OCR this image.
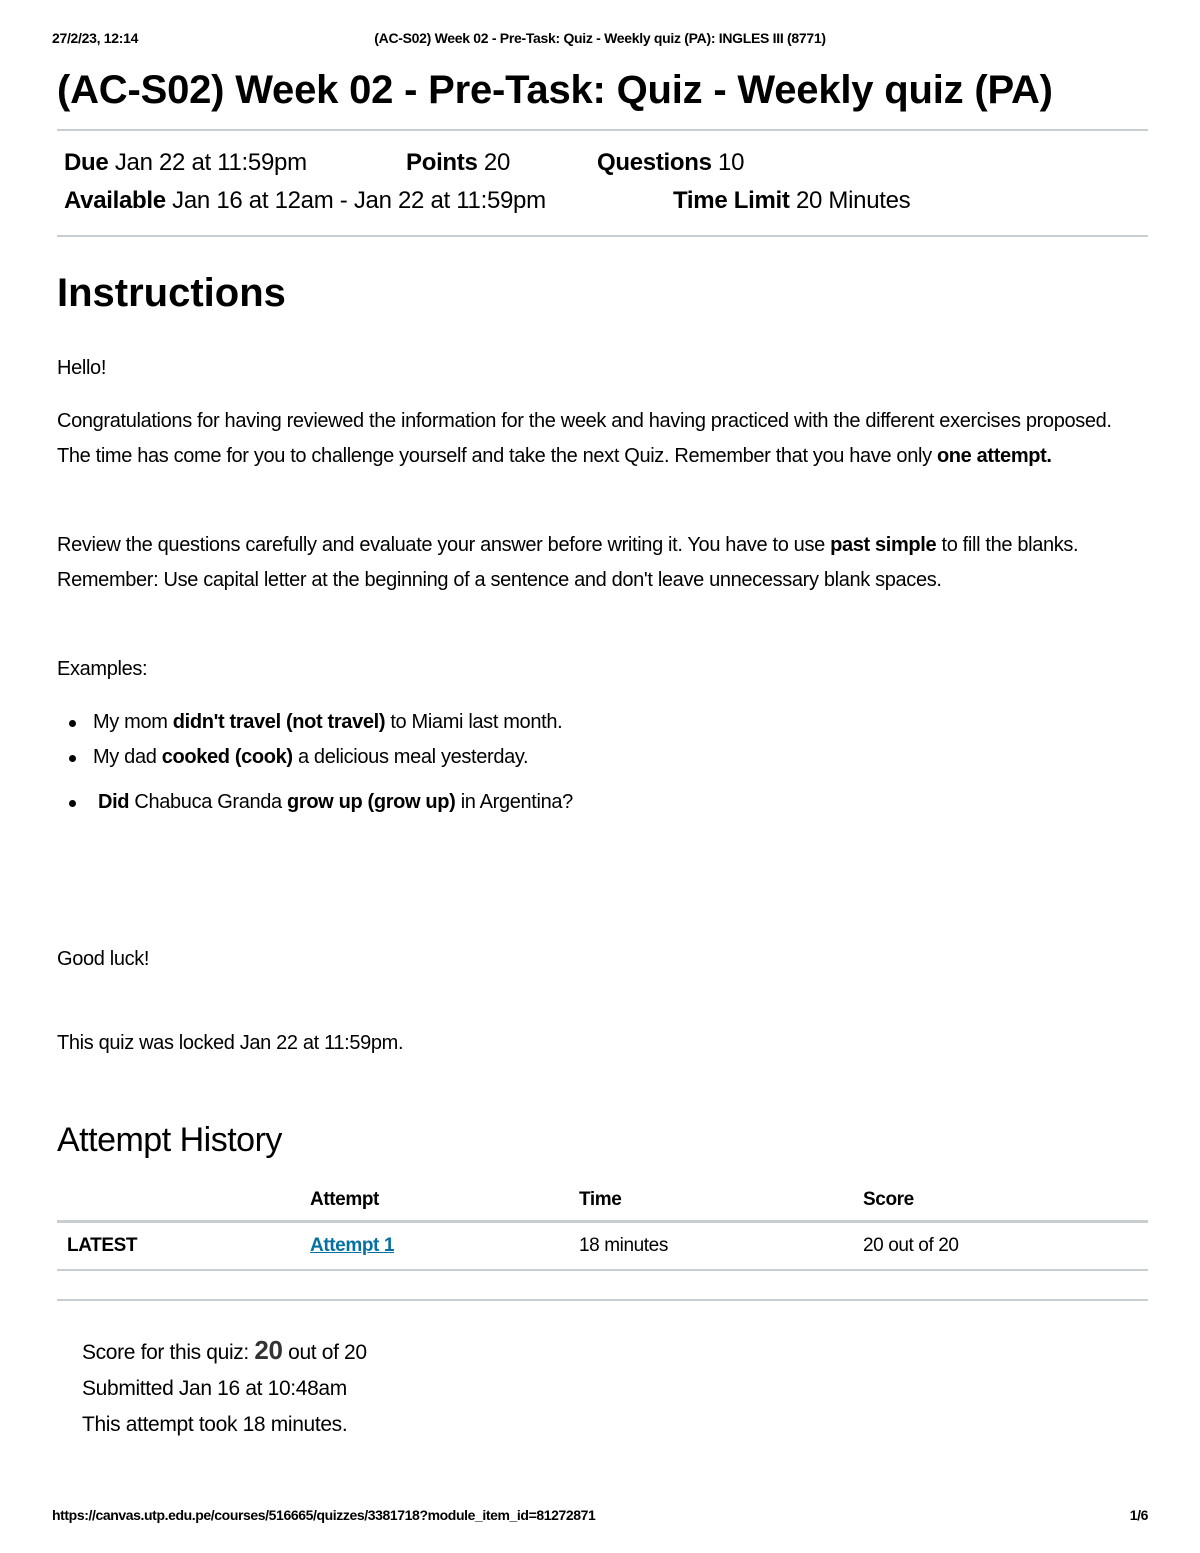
27/2/23, 12:14	(AC-S02) Week 02 - Pre-Task: Quiz - Weekly quiz (PA): INGLES III (8771)
(AC-S02) Week 02 - Pre-Task: Quiz - Weekly quiz (PA)
Due Jan 22 at 11:59pm	Points 20	Questions 10
Available Jan 16 at 12am - Jan 22 at 11:59pm	Time Limit 20 Minutes
Instructions

Hello!

Congratulations for having reviewed the information for the week and having practiced with the different exercises proposed. The time has come for you to challenge yourself and take the next Quiz. Remember that you have only one attempt.

Review the questions carefully and evaluate your answer before writing it. You have to use past simple to fill the blanks. Remember: Use capital letter at the beginning of a sentence and don't leave unnecessary blank spaces.

Examples:

My mom didn't travel (not travel) to Miami last month.
My dad cooked (cook) a delicious meal yesterday.
Did Chabuca Granda grow up (grow up) in Argentina?

Good luck!

This quiz was locked Jan 22 at 11:59pm.

Attempt History
	Attempt	Time	Score
LATEST	Attempt 1	18 minutes	20 out of 20
Score for this quiz: 20 out of 20
Submitted Jan 16 at 10:48am
This attempt took 18 minutes.
https://canvas.utp.edu.pe/courses/516665/quizzes/3381718?module_item_id=81272871	1/6
